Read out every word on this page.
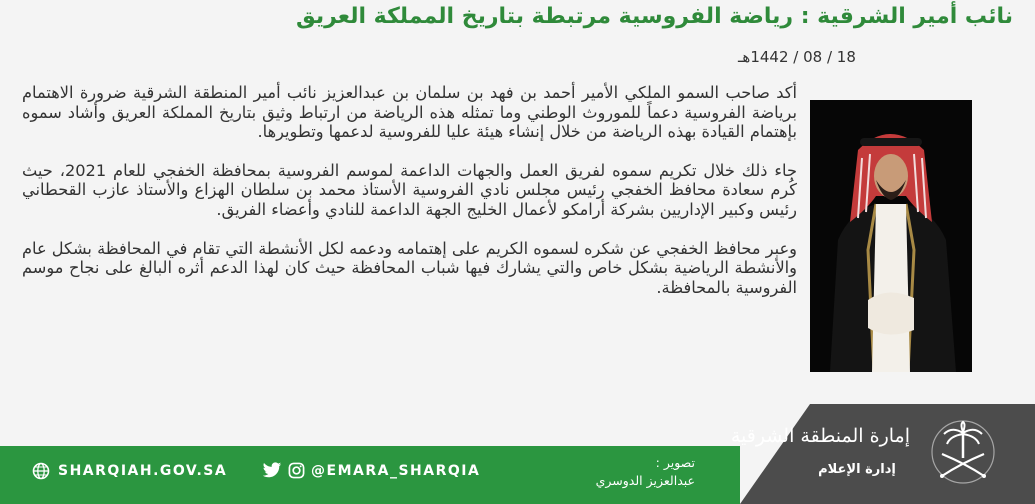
نائب أمير الشرقية : رياضة الفروسية مرتبطة بتاريخ المملكة العريق
18 / 08 / 1442هـ

أكد صاحب السمو الملكي الأمير أحمد بن فهد بن سلمان بن عبدالعزيز نائب أمير المنطقة الشرقية ضرورة الاهتمام برياضة الفروسية دعماً للموروث الوطني وما تمثله هذه الرياضة من ارتباط وثيق بتاريخ المملكة العريق وأشاد سموه بإهتمام القيادة بهذه الرياضة من خلال إنشاء هيئة عليا للفروسية لدعمها وتطويرها.

جاء ذلك خلال تكريم سموه لفريق العمل والجهات الداعمة لموسم الفروسية بمحافظة الخفجي للعام 2021، حيث كُرم سعادة محافظ الخفجي رئيس مجلس نادي الفروسية الأستاذ محمد بن سلطان الهزاع والأستاذ عازب القحطاني رئيس وكبير الإداريين بشركة أرامكو لأعمال الخليج الجهة الداعمة للنادي وأعضاء الفريق.

وعبر محافظ الخفجي عن شكره لسموه الكريم على إهتمامه ودعمه لكل الأنشطة التي تقام في المحافظة بشكل عام والأنشطة الرياضية بشكل خاص والتي يشارك فيها شباب المحافظة حيث كان لهذا الدعم أثره البالغ على نجاح موسم الفروسية بالمحافظة.

SHARQIAH.GOV.SA	@EMARA_SHARQIA	تصوير :
عبدالعزيز الدوسري
إمارة المنطقة الشرقية
إدارة الإعلام
